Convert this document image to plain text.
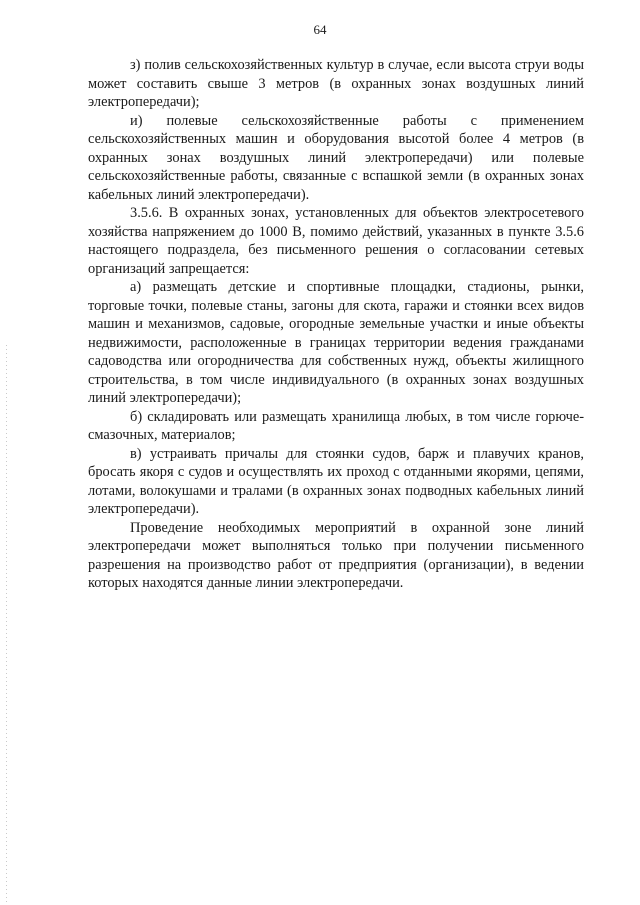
64

з) полив сельскохозяйственных культур в случае, если высота струи воды может составить свыше 3 метров (в охранных зонах воздушных линий электропередачи);

и) полевые сельскохозяйственные работы с применением сельскохозяйственных машин и оборудования высотой более 4 метров (в охранных зонах воздушных линий электропередачи) или полевые сельскохозяйственные работы, связанные с вспашкой земли (в охранных зонах кабельных линий электропередачи).

3.5.6. В охранных зонах, установленных для объектов электросетевого хозяйства напряжением до 1000 В, помимо действий, указанных в пункте 3.5.6 настоящего подраздела, без письменного решения о согласовании сетевых организаций запрещается:

а) размещать детские и спортивные площадки, стадионы, рынки, торговые точки, полевые станы, загоны для скота, гаражи и стоянки всех видов машин и механизмов, садовые, огородные земельные участки и иные объекты недвижимости, расположенные в границах территории ведения гражданами садоводства или огородничества для собственных нужд, объекты жилищного строительства, в том числе индивидуального (в охранных зонах воздушных линий электропередачи);

б) складировать или размещать хранилища любых, в том числе горюче-смазочных, материалов;

в) устраивать причалы для стоянки судов, барж и плавучих кранов, бросать якоря с судов и осуществлять их проход с отданными якорями, цепями, лотами, волокушами и тралами (в охранных зонах подводных кабельных линий электропередачи).

Проведение необходимых мероприятий в охранной зоне линий электропередачи может выполняться только при получении письменного разрешения на производство работ от предприятия (организации), в ведении которых находятся данные линии электропередачи.
